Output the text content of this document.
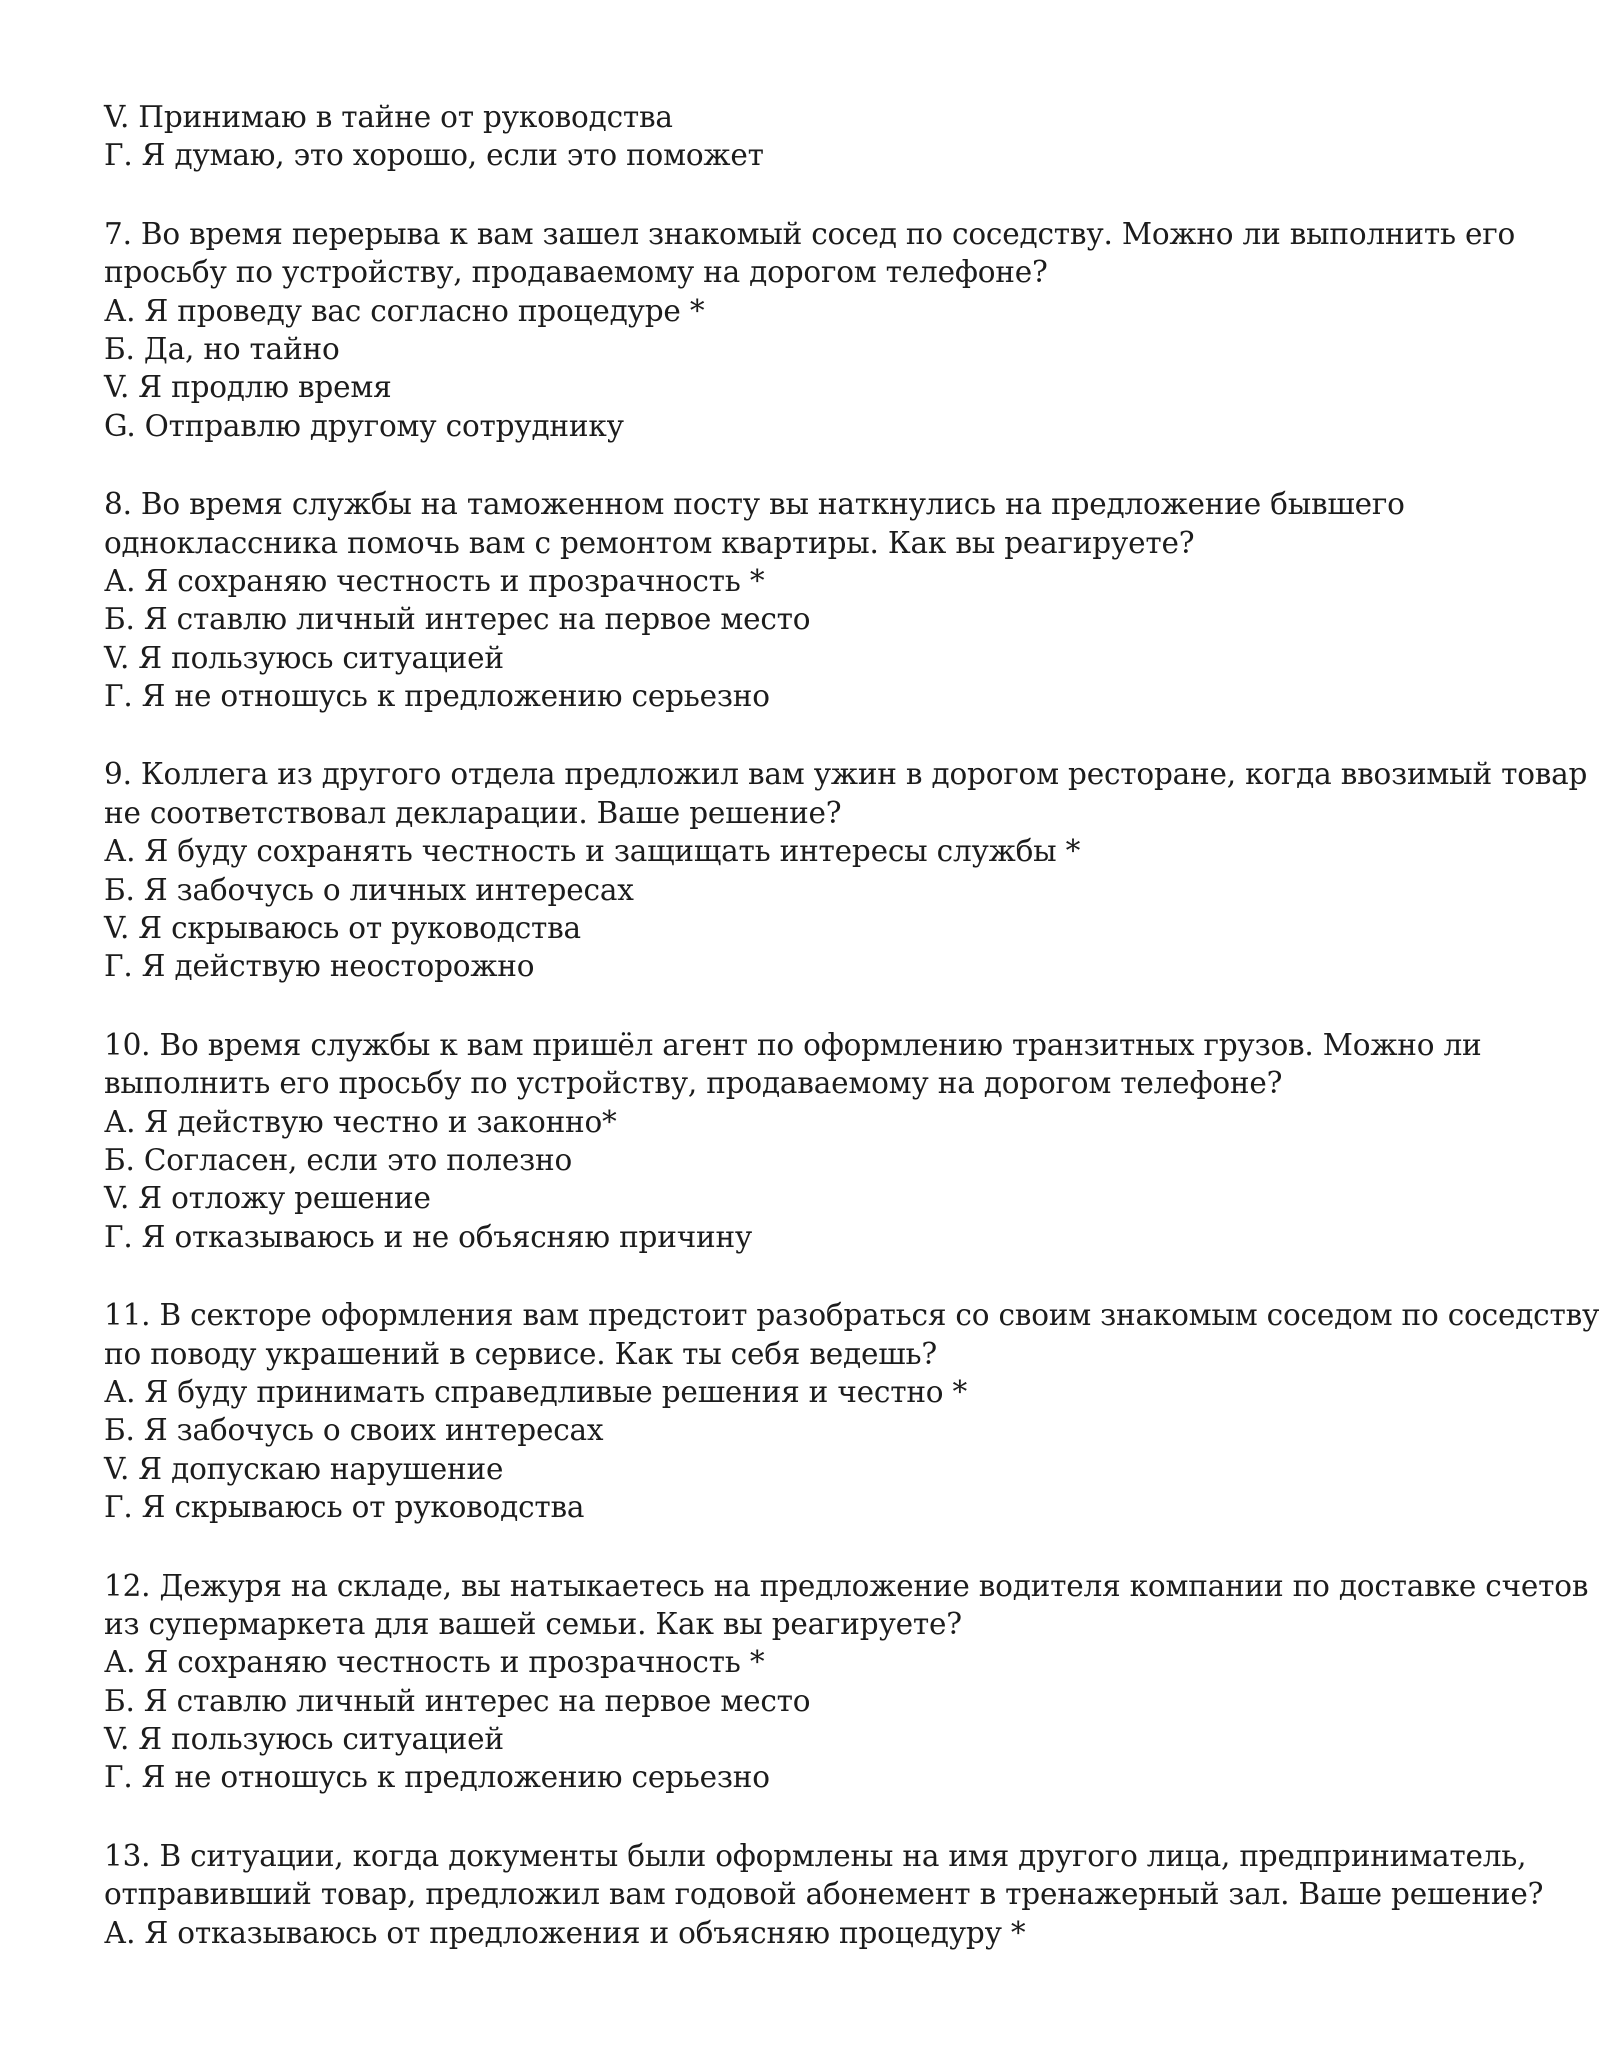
V. Принимаю в тайне от руководства
Г. Я думаю, это хорошо, если это поможет
7. Во время перерыва к вам зашел знакомый сосед по соседству. Можно ли выполнить его
просьбу по устройству, продаваемому на дорогом телефоне?
А. Я проведу вас согласно процедуре *
Б. Да, но тайно
V. Я продлю время
G. Отправлю другому сотруднику
8. Во время службы на таможенном посту вы наткнулись на предложение бывшего
одноклассника помочь вам с ремонтом квартиры. Как вы реагируете?
А. Я сохраняю честность и прозрачность *
Б. Я ставлю личный интерес на первое место
V. Я пользуюсь ситуацией
Г. Я не отношусь к предложению серьезно
9. Коллега из другого отдела предложил вам ужин в дорогом ресторане, когда ввозимый товар
не соответствовал декларации. Ваше решение?
А. Я буду сохранять честность и защищать интересы службы *
Б. Я забочусь о личных интересах
V. Я скрываюсь от руководства
Г. Я действую неосторожно
10. Во время службы к вам пришёл агент по оформлению транзитных грузов. Можно ли
выполнить его просьбу по устройству, продаваемому на дорогом телефоне?
А. Я действую честно и законно*
Б. Согласен, если это полезно
V. Я отложу решение
Г. Я отказываюсь и не объясняю причину
11. В секторе оформления вам предстоит разобраться со своим знакомым соседом по соседству
по поводу украшений в сервисе. Как ты себя ведешь?
А. Я буду принимать справедливые решения и честно *
Б. Я забочусь о своих интересах
V. Я допускаю нарушение
Г. Я скрываюсь от руководства
12. Дежуря на складе, вы натыкаетесь на предложение водителя компании по доставке счетов
из супермаркета для вашей семьи. Как вы реагируете?
А. Я сохраняю честность и прозрачность *
Б. Я ставлю личный интерес на первое место
V. Я пользуюсь ситуацией
Г. Я не отношусь к предложению серьезно
13. В ситуации, когда документы были оформлены на имя другого лица, предприниматель,
отправивший товар, предложил вам годовой абонемент в тренажерный зал. Ваше решение?
А. Я отказываюсь от предложения и объясняю процедуру *
